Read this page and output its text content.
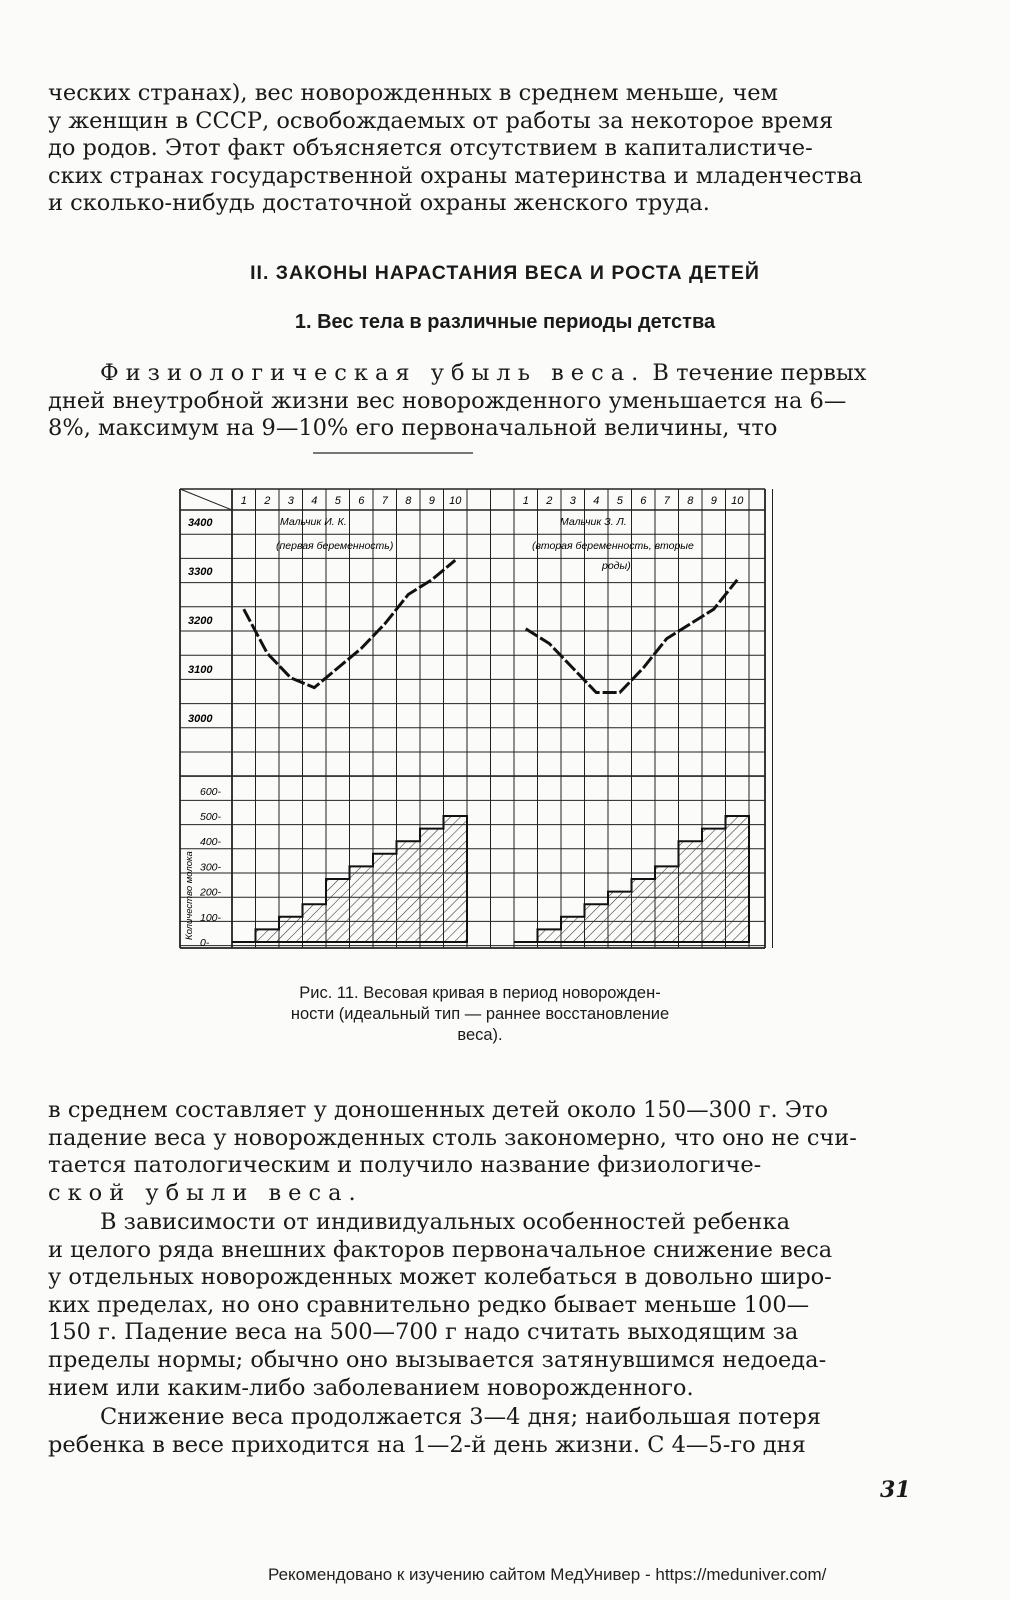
ческих странах), вес новорожденных в среднем меньше, чем
у женщин в СССР, освобождаемых от работы за некоторое время
до родов. Этот факт объясняется отсутствием в капиталистиче-
ских странах государственной охраны материнства и младенчества
и сколько-нибудь достаточной охраны женского труда.
II. ЗАКОНЫ НАРАСТАНИЯ ВЕСА И РОСТА ДЕТЕЙ
1. Вес тела в различные периоды детства
Физиологическая убыль веса. В течение первых
дней внеутробной жизни вес новорожденного уменьшается на 6—
8%, максимум на 9—10% его первоначальной величины, что
3400
3300
3200
3100
3000
600-
500-
400-
300-
200-
100-
0-
Количество молока
1 2 3 4 5 6 7 8 9 10
Мальчик И. К.
(первая беременность)
1 2 3 4 5 6 7 8 9 10
Мальчик З. Л.
(вторая беременность, вторые
роды)
Рис. 11. Весовая кривая в период новорожден-
ности (идеальный тип — раннее восстановление
веса).
в среднем составляет у доношенных детей около 150—300 г. Это
падение веса у новорожденных столь закономерно, что оно не счи-
тается патологическим и получило название физиологиче-
ской убыли веса.
В зависимости от индивидуальных особенностей ребенка
и целого ряда внешних факторов первоначальное снижение веса
у отдельных новорожденных может колебаться в довольно широ-
ких пределах, но оно сравнительно редко бывает меньше 100—
150 г. Падение веса на 500—700 г надо считать выходящим за
пределы нормы; обычно оно вызывается затянувшимся недоеда-
нием или каким-либо заболеванием новорожденного.
Снижение веса продолжается 3—4 дня; наибольшая потеря
ребенка в весе приходится на 1—2-й день жизни. С 4—5-го дня
31
Рекомендовано к изучению сайтом МедУнивер - https://meduniver.com/
